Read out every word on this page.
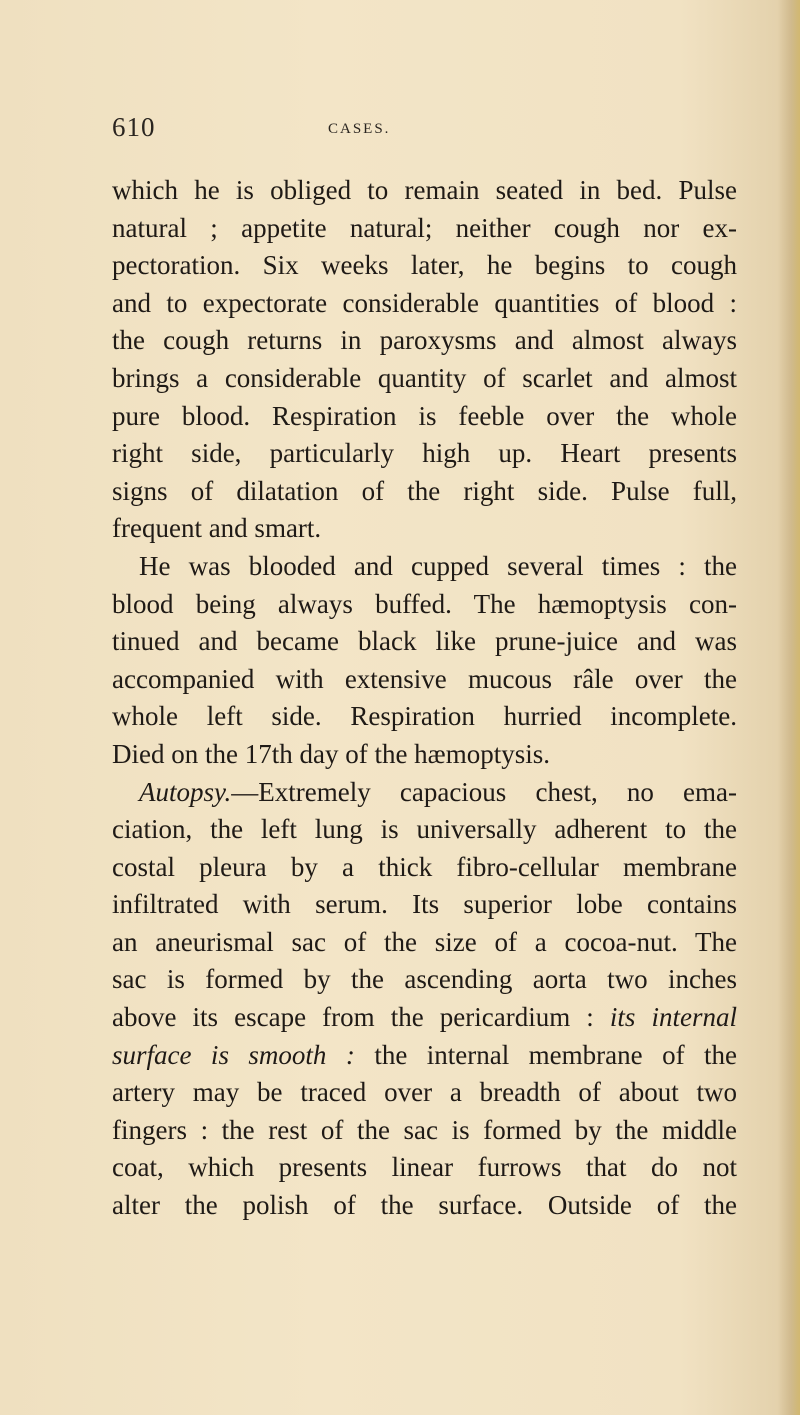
610	CASES.
which he is obliged to remain seated in bed. Pulse
natural ; appetite natural; neither cough nor ex-
pectoration. Six weeks later, he begins to cough
and to expectorate considerable quantities of blood :
the cough returns in paroxysms and almost always
brings a considerable quantity of scarlet and almost
pure blood. Respiration is feeble over the whole
right side, particularly high up. Heart presents
signs of dilatation of the right side. Pulse full,
frequent and smart.
He was blooded and cupped several times : the
blood being always buffed. The hæmoptysis con-
tinued and became black like prune-juice and was
accompanied with extensive mucous râle over the
whole left side. Respiration hurried incomplete.
Died on the 17th day of the hæmoptysis.
Autopsy.—Extremely capacious chest, no ema-
ciation, the left lung is universally adherent to the
costal pleura by a thick fibro-cellular membrane
infiltrated with serum. Its superior lobe contains
an aneurismal sac of the size of a cocoa-nut. The
sac is formed by the ascending aorta two inches
above its escape from the pericardium : its internal
surface is smooth : the internal membrane of the
artery may be traced over a breadth of about two
fingers : the rest of the sac is formed by the middle
coat, which presents linear furrows that do not
alter the polish of the surface. Outside of the
